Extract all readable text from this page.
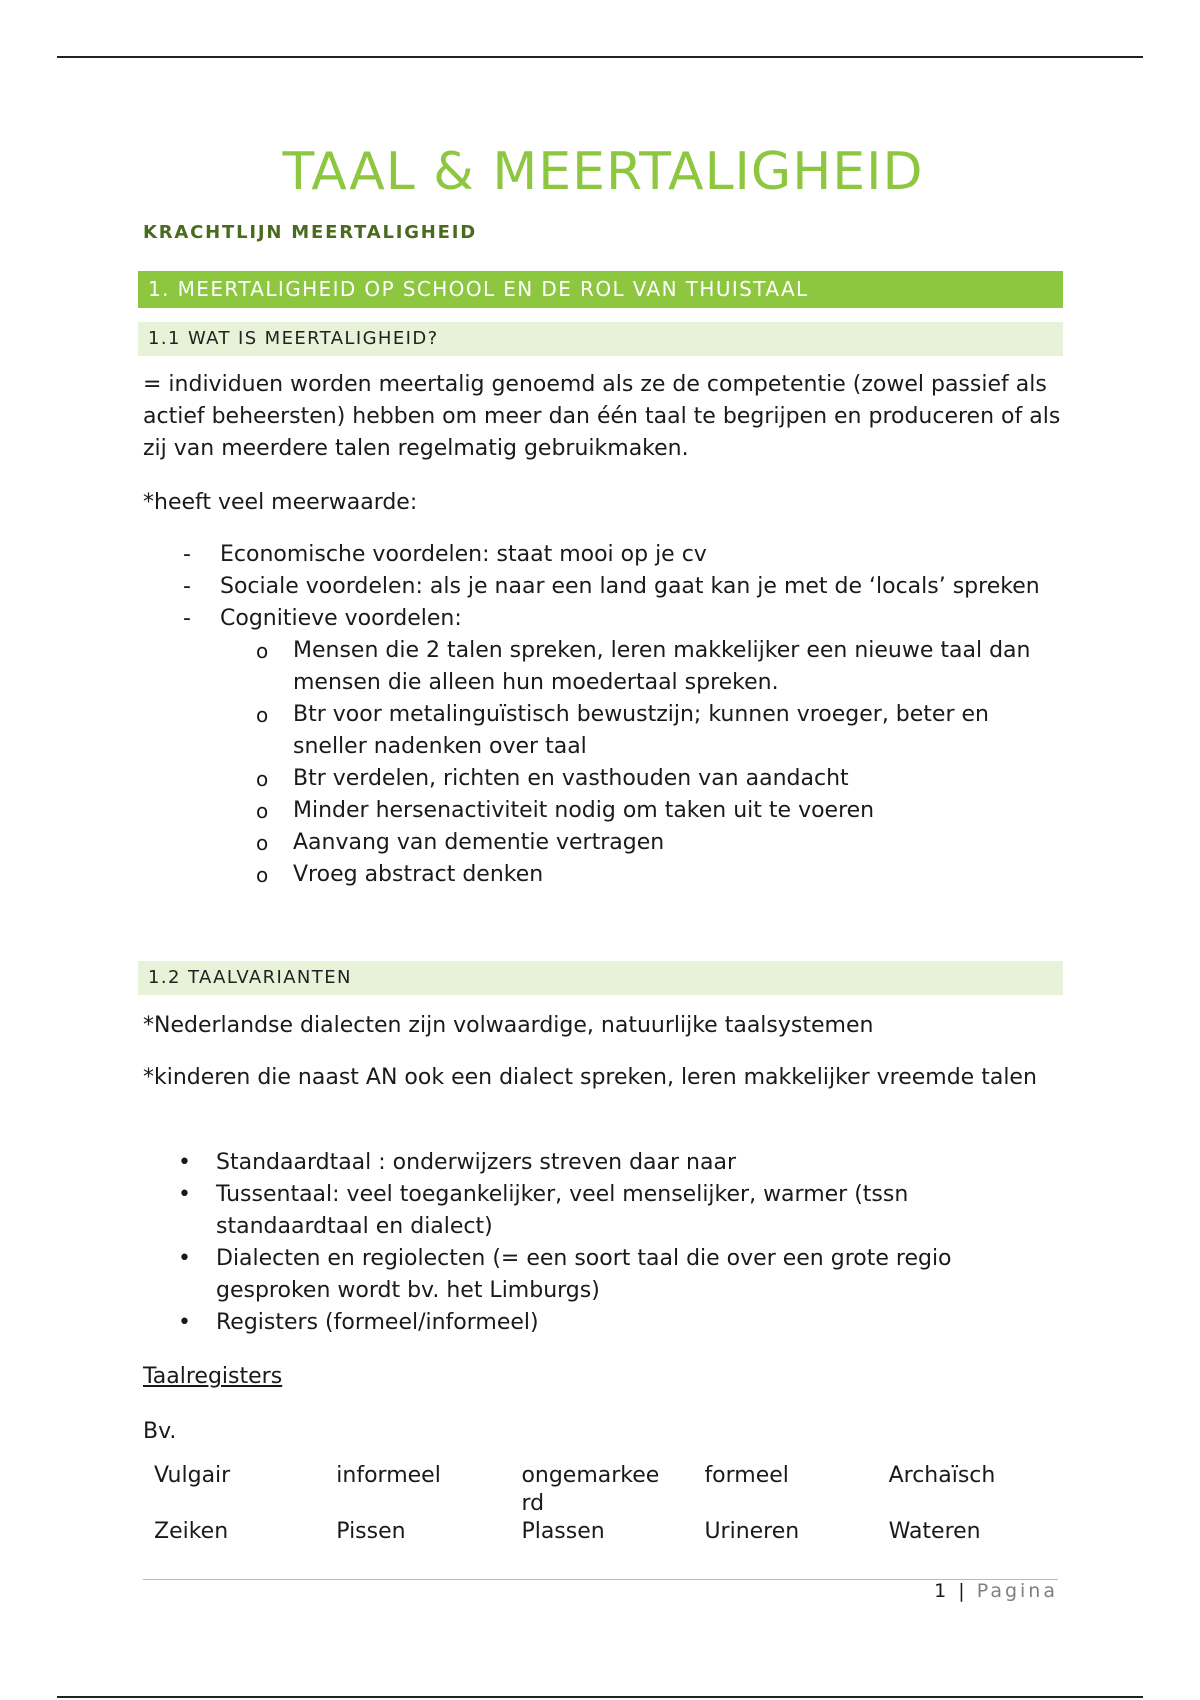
TAAL & MEERTALIGHEID
KRACHTLIJN MEERTALIGHEID
1. MEERTALIGHEID OP SCHOOL EN DE ROL VAN THUISTAAL
1.1 WAT IS MEERTALIGHEID?
= individuen worden meertalig genoemd als ze de competentie (zowel passief als actief beheersten) hebben om meer dan één taal te begrijpen en produceren of als zij van meerdere talen regelmatig gebruikmaken.
*heeft veel meerwaarde:
- Economische voordelen: staat mooi op je cv
- Sociale voordelen: als je naar een land gaat kan je met de ‘locals’ spreken
- Cognitieve voordelen:
o Mensen die 2 talen spreken, leren makkelijker een nieuwe taal dan mensen die alleen hun moedertaal spreken.
o Btr voor metalinguïstisch bewustzijn; kunnen vroeger, beter en sneller nadenken over taal
o Btr verdelen, richten en vasthouden van aandacht
o Minder hersenactiviteit nodig om taken uit te voeren
o Aanvang van dementie vertragen
o Vroeg abstract denken
1.2 TAALVARIANTEN
*Nederlandse dialecten zijn volwaardige, natuurlijke taalsystemen
*kinderen die naast AN ook een dialect spreken, leren makkelijker vreemde talen
• Standaardtaal : onderwijzers streven daar naar
• Tussentaal: veel toegankelijker, veel menselijker, warmer (tssn standaardtaal en dialect)
• Dialecten en regiolecten (= een soort taal die over een grote regio gesproken wordt bv. het Limburgs)
• Registers (formeel/informeel)
Taalregisters
Bv.
Vulgair	informeel	ongemarkeerd	formeel	Archaïsch
Zeiken	Pissen	Plassen	Urineren	Wateren
1 | Pagina
